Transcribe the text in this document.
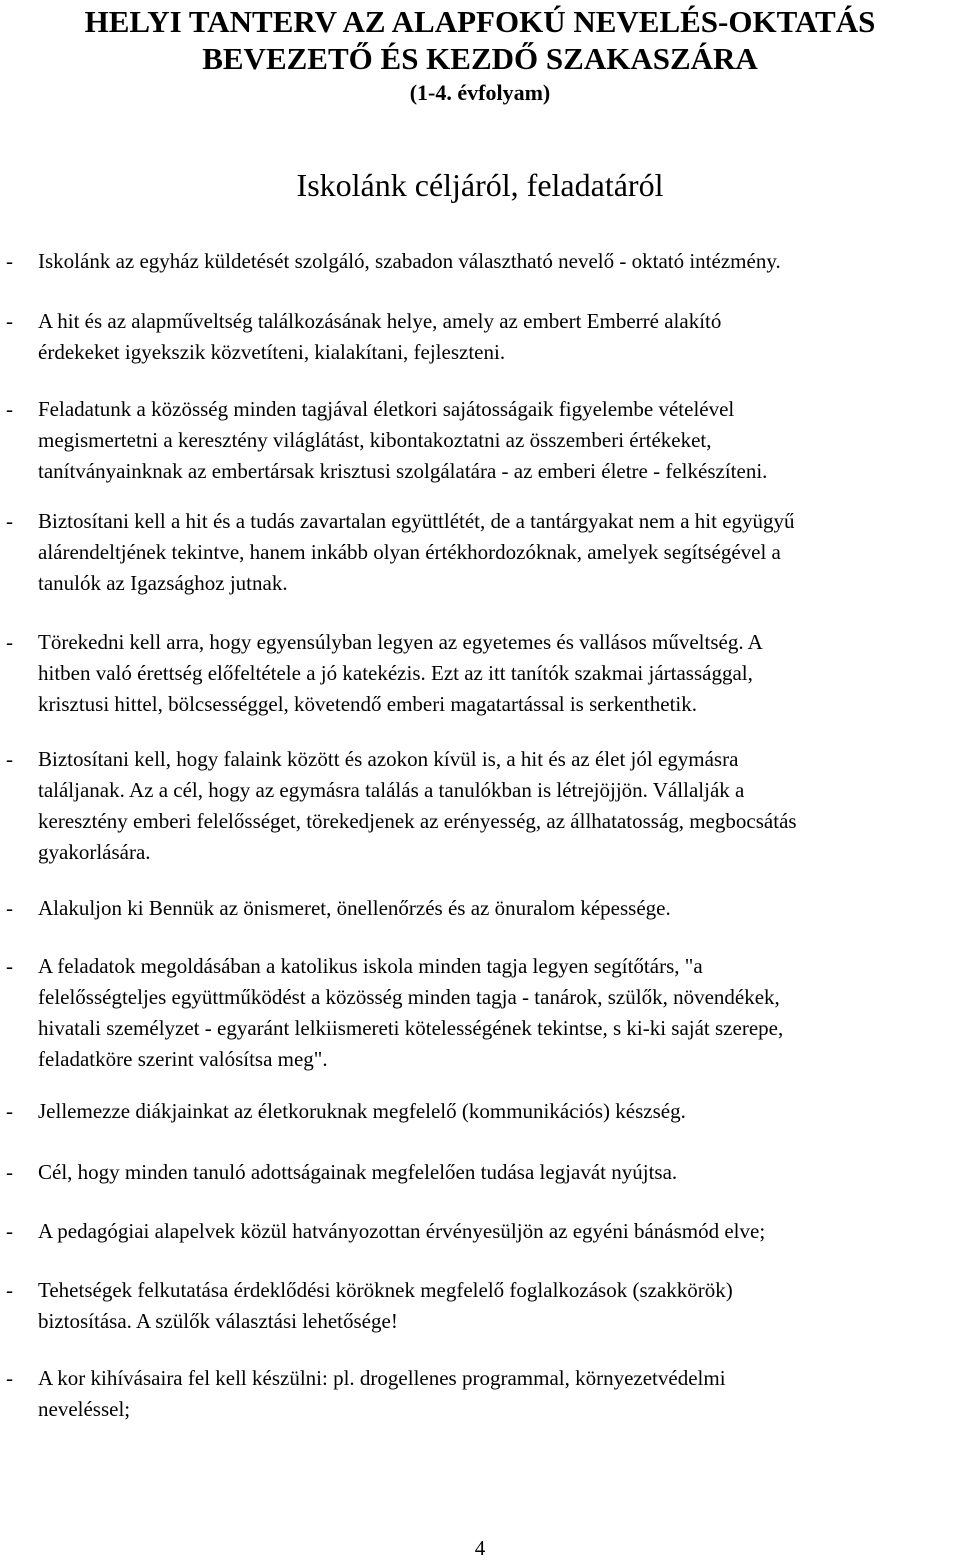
HELYI TANTERV AZ ALAPFOKÚ NEVELÉS-OKTATÁS
BEVEZETŐ ÉS KEZDŐ SZAKASZÁRA
(1-4. évfolyam)
Iskolánk céljáról, feladatáról
-	Iskolánk az egyház küldetését szolgáló, szabadon választható nevelő - oktató intézmény.
-	A hit és az alapműveltség találkozásának helye, amely az embert Emberré alakító
érdekeket igyekszik közvetíteni, kialakítani, fejleszteni.
-	Feladatunk a közösség minden tagjával életkori sajátosságaik figyelembe vételével
megismertetni a keresztény világlátást, kibontakoztatni az összemberi értékeket,
tanítványainknak az embertársak krisztusi szolgálatára - az emberi életre - felkészíteni.
-	Biztosítani kell a hit és a tudás zavartalan együttlétét, de a tantárgyakat nem a hit együgyű
alárendeltjének tekintve, hanem inkább olyan értékhordozóknak, amelyek segítségével a
tanulók az Igazsághoz jutnak.
-	Törekedni kell arra, hogy egyensúlyban legyen az egyetemes és vallásos műveltség. A
hitben való érettség előfeltétele a jó katekézis. Ezt az itt tanítók szakmai jártassággal,
krisztusi hittel, bölcsességgel, követendő emberi magatartással is serkenthetik.
-	Biztosítani kell, hogy falaink között és azokon kívül is, a hit és az élet jól egymásra
találjanak. Az a cél, hogy az egymásra találás a tanulókban is létrejöjjön. Vállalják a
keresztény emberi felelősséget, törekedjenek az erényesség, az állhatatosság, megbocsátás
gyakorlására.
-	Alakuljon ki Bennük az önismeret, önellenőrzés és az önuralom képessége.
-	A feladatok megoldásában a katolikus iskola minden tagja legyen segítőtárs, "a
felelősségteljes együttműködést a közösség minden tagja - tanárok, szülők, növendékek,
hivatali személyzet - egyaránt lelkiismereti kötelességének tekintse, s ki-ki saját szerepe,
feladatköre szerint valósítsa meg".
-	Jellemezze diákjainkat az életkoruknak megfelelő (kommunikációs) készség.
-	Cél, hogy minden tanuló adottságainak megfelelően tudása legjavát nyújtsa.
-	A pedagógiai alapelvek közül hatványozottan érvényesüljön az egyéni bánásmód elve;
-	Tehetségek felkutatása érdeklődési köröknek megfelelő foglalkozások (szakkörök)
biztosítása. A szülők választási lehetősége!
-	A kor kihívásaira fel kell készülni: pl. drogellenes programmal, környezetvédelmi
neveléssel;
4
